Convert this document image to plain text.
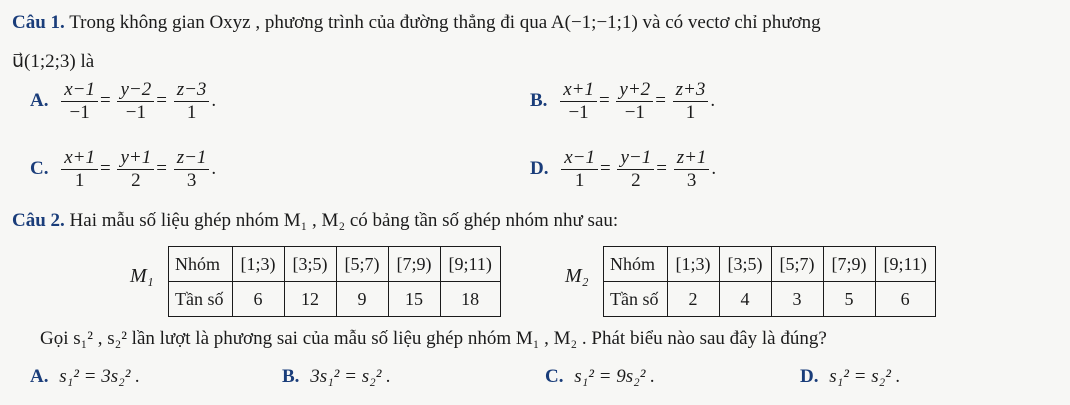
Câu 1. Trong không gian Oxyz , phương trình của đường thẳng đi qua A(−1;−1;1) và có vectơ chỉ phương
u⃗(1;2;3) là
A. $\frac{x-1}{-1} = \frac{y-2}{-1} = \frac{z-3}{1}$ .	B. $\frac{x+1}{-1} = \frac{y+2}{-1} = \frac{z+3}{1}$ .
C. $\frac{x+1}{1} = \frac{y+1}{2} = \frac{z-1}{3}$ .	D. $\frac{x-1}{1} = \frac{y-1}{2} = \frac{z+1}{3}$ .
Câu 2. Hai mẫu số liệu ghép nhóm M₁ , M₂ có bảng tần số ghép nhóm như sau:
M₁
Nhóm	[1;3)	[3;5)	[5;7)	[7;9)	[9;11)
Tần số	6	12	9	15	18
M₂
Nhóm	[1;3)	[3;5)	[5;7)	[7;9)	[9;11)
Tần số	2	4	3	5	6
Gọi s₁² , s₂² lần lượt là phương sai của mẫu số liệu ghép nhóm M₁ , M₂ . Phát biểu nào sau đây là đúng?
A. s₁² = 3s₂² .	B. 3s₁² = s₂² .	C. s₁² = 9s₂² .	D. s₁² = s₂² .
